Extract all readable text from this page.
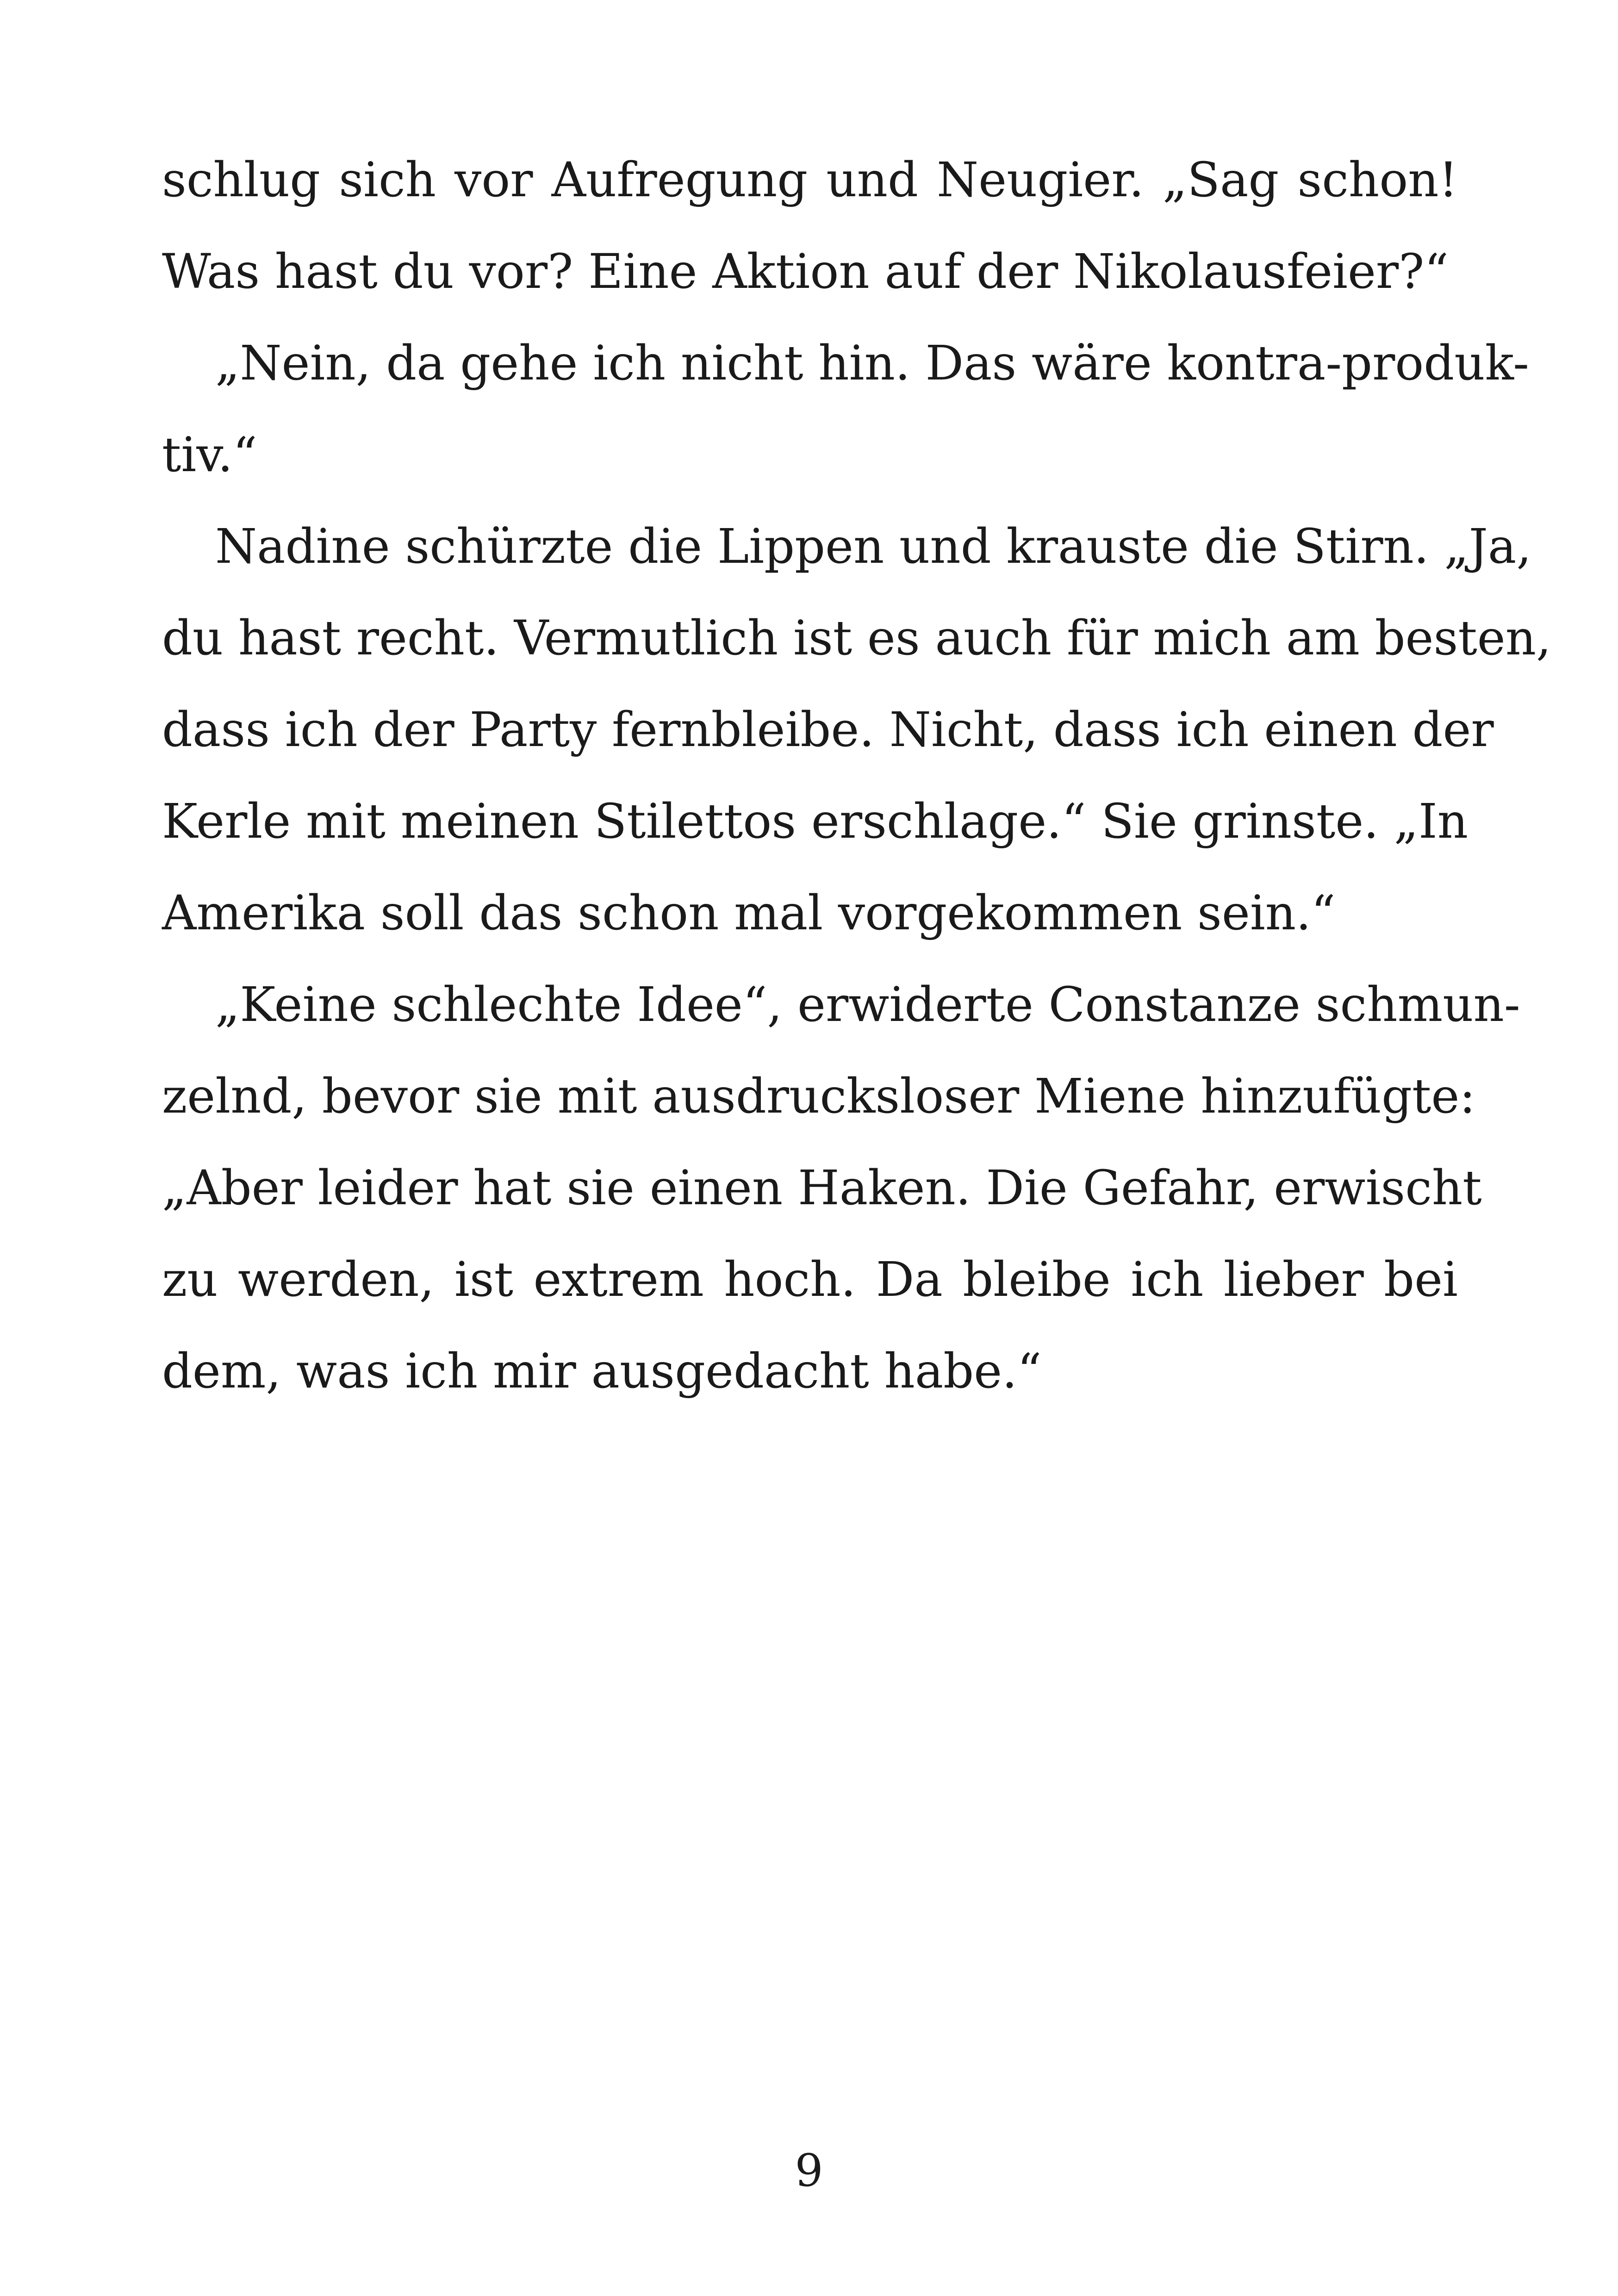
schlug sich vor Aufregung und Neugier. „Sag schon!
Was hast du vor? Eine Aktion auf der Nikolausfeier?“
„Nein, da gehe ich nicht hin. Das wäre kontra-produk-
tiv.“
Nadine schürzte die Lippen und krauste die Stirn. „Ja,
du hast recht. Vermutlich ist es auch für mich am besten,
dass ich der Party fernbleibe. Nicht, dass ich einen der
Kerle mit meinen Stilettos erschlage.“ Sie grinste. „In
Amerika soll das schon mal vorgekommen sein.“
„Keine schlechte Idee“, erwiderte Constanze schmun-
zelnd, bevor sie mit ausdrucksloser Miene hinzufügte:
„Aber leider hat sie einen Haken. Die Gefahr, erwischt
zu werden, ist extrem hoch. Da bleibe ich lieber bei
dem, was ich mir ausgedacht habe.“
9
